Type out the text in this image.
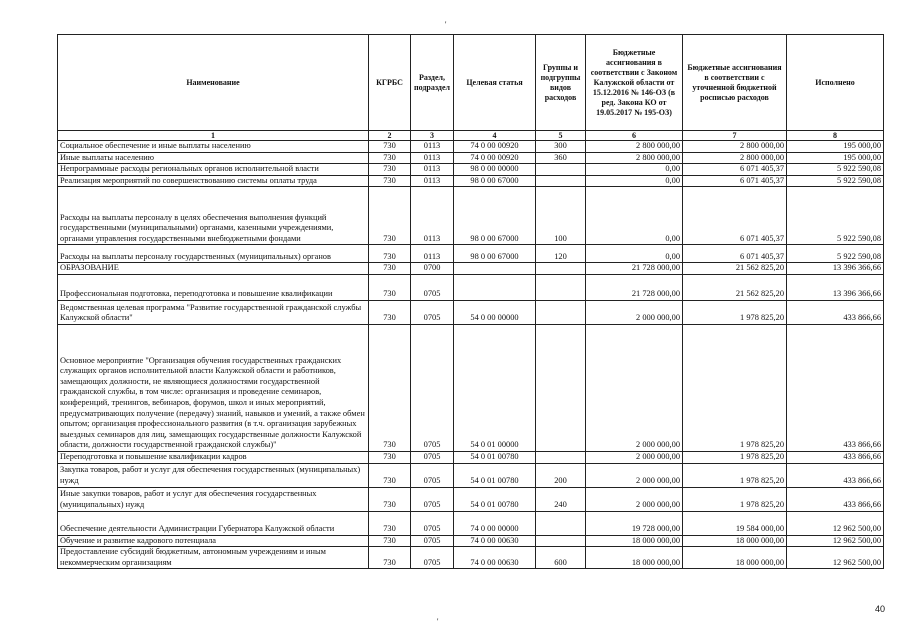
'
Наименование	КГРБС	Раздел, подраздел	Целевая статья	Группы и подгруппы видов расходов	Бюджетные ассигнования в соответствии с Законом Калужской области от 15.12.2016 № 146-ОЗ (в ред. Закона КО от 19.05.2017 № 195-ОЗ)	Бюджетные ассигнования в соответствии с уточненной бюджетной росписью расходов	Исполнено
1	2	3	4	5	6	7	8
Социальное обеспечение и иные выплаты населению	730	0113	74 0 00 00920	300	2 800 000,00	2 800 000,00	195 000,00
Иные выплаты населению	730	0113	74 0 00 00920	360	2 800 000,00	2 800 000,00	195 000,00
Непрограммные расходы региональных органов исполнительной власти	730	0113	98 0 00 00000		0,00	6 071 405,37	5 922 590,08
Реализация мероприятий по совершенствованию системы оплаты труда	730	0113	98 0 00 67000		0,00	6 071 405,37	5 922 590,08
Расходы на выплаты персоналу в целях обеспечения выполнения функций государственными (муниципальными) органами, казенными учреждениями, органами управления государственными внебюджетными фондами	730	0113	98 0 00 67000	100	0,00	6 071 405,37	5 922 590,08
Расходы на выплаты персоналу государственных (муниципальных) органов	730	0113	98 0 00 67000	120	0,00	6 071 405,37	5 922 590,08
ОБРАЗОВАНИЕ	730	0700			21 728 000,00	21 562 825,20	13 396 366,66
Профессиональная подготовка, переподготовка и повышение квалификации	730	0705			21 728 000,00	21 562 825,20	13 396 366,66
Ведомственная целевая программа "Развитие государственной гражданской службы Калужской области"	730	0705	54 0 00 00000		2 000 000,00	1 978 825,20	433 866,66
Основное мероприятие "Организация обучения государственных гражданских служащих органов исполнительной власти Калужской области и работников, замещающих должности, не являющиеся должностями государственной гражданской службы, в том числе: организация и проведение семинаров, конференций, тренингов, вебинаров, форумов, школ и иных мероприятий, предусматривающих получение (передачу) знаний, навыков и умений, а также обмен опытом; организация профессионального развития (в т.ч. организация зарубежных выездных семинаров для лиц, замещающих государственные должности Калужской области, должности государственной гражданской службы)"	730	0705	54 0 01 00000		2 000 000,00	1 978 825,20	433 866,66
Переподготовка и повышение квалификации кадров	730	0705	54 0 01 00780		2 000 000,00	1 978 825,20	433 866,66
Закупка товаров, работ и услуг для обеспечения государственных (муниципальных) нужд	730	0705	54 0 01 00780	200	2 000 000,00	1 978 825,20	433 866,66
Иные закупки товаров, работ и услуг для обеспечения государственных (муниципальных) нужд	730	0705	54 0 01 00780	240	2 000 000,00	1 978 825,20	433 866,66
Обеспечение деятельности Администрации Губернатора Калужской области	730	0705	74 0 00 00000		19 728 000,00	19 584 000,00	12 962 500,00
Обучение и развитие кадрового потенциала	730	0705	74 0 00 00630		18 000 000,00	18 000 000,00	12 962 500,00
Предоставление субсидий бюджетным, автономным учреждениям и иным некоммерческим организациям	730	0705	74 0 00 00630	600	18 000 000,00	18 000 000,00	12 962 500,00
40
'
